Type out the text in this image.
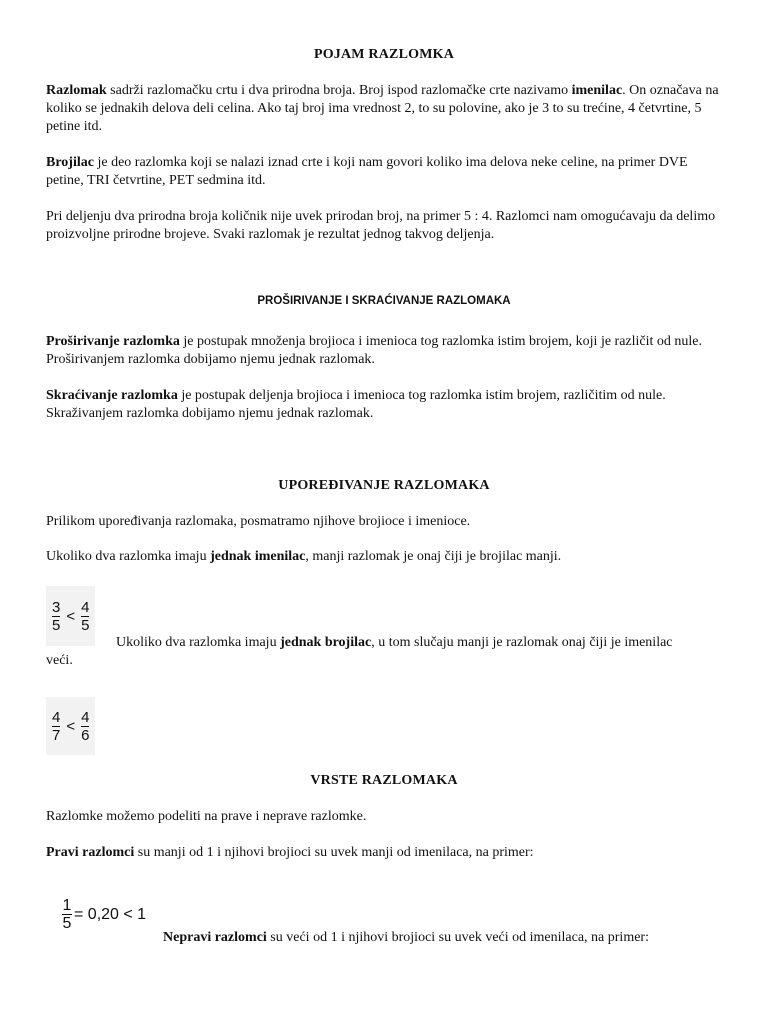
POJAM RAZLOMKA

Razlomak sadrži razlomačku crtu i dva prirodna broja. Broj ispod razlomačke crte nazivamo imenilac. On označava na koliko se jednakih delova deli celina. Ako taj broj ima vrednost 2, to su polovine, ako je 3 to su trećine, 4 četvrtine, 5 petine itd.

Brojilac je deo razlomka koji se nalazi iznad crte i koji nam govori koliko ima delova neke celine, na primer DVE petine, TRI četvrtine, PET sedmina itd.

Pri deljenju dva prirodna broja količnik nije uvek prirodan broj, na primer 5 : 4. Razlomci nam omogućavaju da delimo proizvoljne prirodne brojeve. Svaki razlomak je rezultat jednog takvog deljenja.

PROŠIRIVANJE I SKRAĆIVANJE RAZLOMAKA

Proširivanje razlomka je postupak množenja brojioca i imenioca tog razlomka istim brojem, koji je različit od nule. Proširivanjem razlomka dobijamo njemu jednak razlomak.

Skraćivanje razlomka je postupak deljenja brojioca i imenioca tog razlomka istim brojem, različitim od nule. Skraživanjem razlomka dobijamo njemu jednak razlomak.

UPOREĐIVANJE RAZLOMAKA

Prilikom upoređivanja razlomaka, posmatramo njihove brojioce i imenioce.

Ukoliko dva razlomka imaju jednak imenilac, manji razlomak je onaj čiji je brojilac manji.

$\frac{3}{5} < \frac{4}{5}$

Ukoliko dva razlomka imaju jednak brojilac, u tom slučaju manji je razlomak onaj čiji je imenilac

veći.

$\frac{4}{7} < \frac{4}{6}$
VRSTE RAZLOMAKA

Razlomke možemo podeliti na prave i neprave razlomke.

Pravi razlomci su manji od 1 i njihovi brojioci su uvek manji od imenilaca, na primer:

$\frac{1}{5} = 0,20 < 1$

Nepravi razlomci su veći od 1 i njihovi brojioci su uvek veći od imenilaca, na primer:
